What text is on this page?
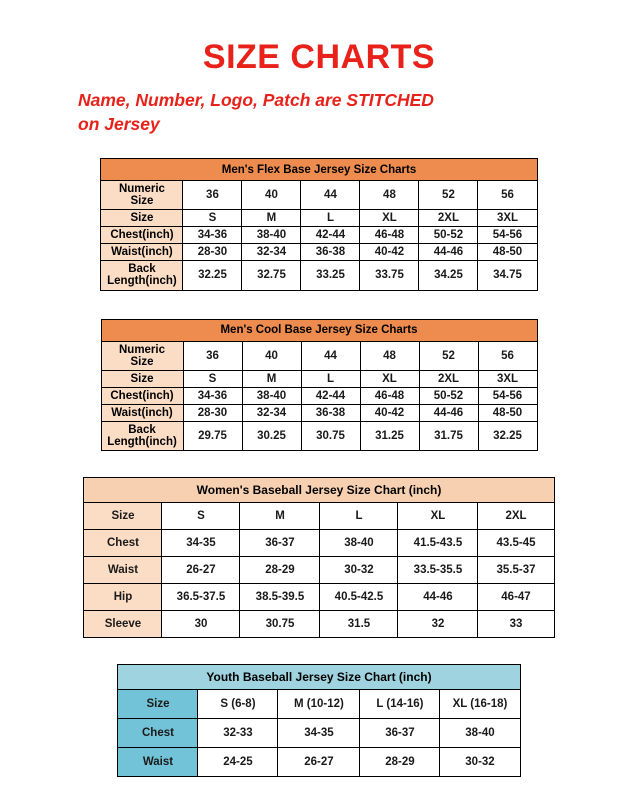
SIZE CHARTS
Name, Number, Logo, Patch are STITCHED
on Jersey
Men's Flex Base Jersey Size Charts						
Numeric
Size	36	40	44	48	52	56
Size	S	M	L	XL	2XL	3XL
Chest(inch)	34-36	38-40	42-44	46-48	50-52	54-56
Waist(inch)	28-30	32-34	36-38	40-42	44-46	48-50
Back
Length(inch)	32.25	32.75	33.25	33.75	34.25	34.75
Men's Cool Base Jersey Size Charts						
Numeric
Size	36	40	44	48	52	56
Size	S	M	L	XL	2XL	3XL
Chest(inch)	34-36	38-40	42-44	46-48	50-52	54-56
Waist(inch)	28-30	32-34	36-38	40-42	44-46	48-50
Back
Length(inch)	29.75	30.25	30.75	31.25	31.75	32.25
Women's Baseball Jersey Size Chart (inch)					
Size	S	M	L	XL	2XL
Chest	34-35	36-37	38-40	41.5-43.5	43.5-45
Waist	26-27	28-29	30-32	33.5-35.5	35.5-37
Hip	36.5-37.5	38.5-39.5	40.5-42.5	44-46	46-47
Sleeve	30	30.75	31.5	32	33
Youth Baseball Jersey Size Chart (inch)				
Size	S (6-8)	M (10-12)	L (14-16)	XL (16-18)
Chest	32-33	34-35	36-37	38-40
Waist	24-25	26-27	28-29	30-32
